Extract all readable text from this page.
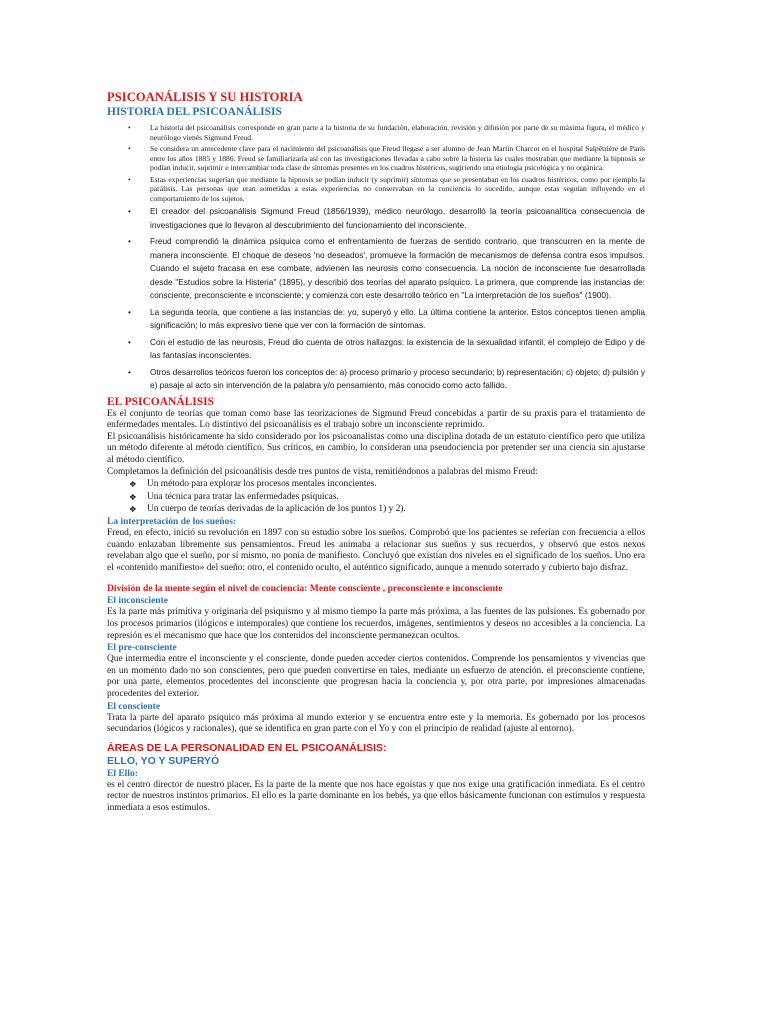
PSICOANÁLISIS Y SU HISTORIA
HISTORIA DEL PSICOANÁLISIS
• La historia del psicoanálisis corresponde en gran parte a la historia de su fundación, elaboración, revisión y difusión por parte de su máxima figura, el médico y neurólogo vienés Sigmund Freud.
• Se considera un antecedente clave para el nacimiento del psicoanálisis que Freud llegase a ser alumno de Jean Martin Charcot en el hospital Salpêtrière de París entre los años 1885 y 1886. Freud se familiarizaría así con las investigaciones llevadas a cabo sobre la histeria las cuales mostraban que mediante la hipnosis se podían inducir, suprimir e intercambiar toda clase de síntomas presentes en los cuadros histéricos, sugiriendo una etiología psicológica y no orgánica.
• Estas experiencias sugerían que mediante la hipnosis se podían inducir (y suprimir) síntomas que se presentaban en los cuadros histéricos, como por ejemplo la parálisis. Las personas que eran sometidas a estas experiencias no conservaban en la conciencia lo sucedido, aunque estas seguían influyendo en el comportamiento de los sujetos.
• El creador del psicoanálisis Sigmund Freud (1856/1939), médico neurólogo, desarrolló la teoría psicoanalítica consecuencia de investigaciones que lo llevaron al descubrimiento del funcionamiento del inconsciente.
• Freud comprendió la dinámica psíquica como el enfrentamiento de fuerzas de sentido contrario, que transcurren en la mente de manera inconsciente. El choque de deseos 'no deseados', promueve la formación de mecanismos de defensa contra esos impulsos. Cuando el sujeto fracasa en ese combate, advienen las neurosis como consecuencia. La noción de inconsciente fue desarrollada desde "Estudios sobre la Histeria" (1895), y describió dos teorías del aparato psíquico. La primera, que comprende las instancias de: consciente, preconsciente e inconsciente; y comienza con este desarrollo teórico en "La interpretación de los sueños" (1900).
• La segunda teoría, que contiene a las instancias de: yo, superyó y ello. La última contiene la anterior. Estos conceptos tienen amplia significación; lo más expresivo tiene que ver con la formación de síntomas.
• Con el estudio de las neurosis, Freud dio cuenta de otros hallazgos: la existencia de la sexualidad infantil, el complejo de Edipo y de las fantasías inconscientes.
• Otros desarrollos teóricos fueron los conceptos de: a) proceso primario y proceso secundario; b) representación; c) objeto; d) pulsión y e) pasaje al acto sin intervención de la palabra y/o pensamiento, más conocido como acto fallido.
EL PSICOANÁLISIS

Es el conjunto de teorías que toman como base las teorizaciones de Sigmund Freud concebidas a partir de su praxis para el tratamiento de enfermedades mentales. Lo distintivo del psicoanálisis es el trabajo sobre un inconsciente reprimido.

El psicoanálisis históricamente ha sido considerado por los psicoanalistas como una disciplina dotada de un estatuto científico pero que utiliza un método diferente al método científico. Sus críticos, en cambio, lo consideran una pseudociencia por pretender ser una ciencia sin ajustarse al método científico.

Completamos la definición del psicoanálisis desde tres puntos de vista, remitiéndonos a palabras del mismo Freud:

❖ Un método para explorar los procesos mentales inconcientes.
❖ Una técnica para tratar las enfermedades psíquicas.
❖ Un cuerpo de teorías derivadas de la aplicación de los puntos 1) y 2).
La interpretación de los sueños:

Freud, en efecto, inició su revolución en 1897 con su estudio sobre los sueños. Comprobó que los pacientes se referían con frecuencia a ellos cuando enlazaban libremente sus pensamientos. Freud les animaba a relacionar sus sueños y sus recuerdos, y observó que estos nexos revelaban algo que el sueño, por sí mismo, no ponía de manifiesto. Concluyó que existían dos niveles en el significado de los sueños. Uno era el «contenido manifiesto» del sueño: otro, el contenido oculto, el auténtico significado, aunque a menudo soterrado y cubierto bajo disfraz.

División de la mente según el nivel de conciencia: Mente consciente , preconsciente e inconsciente
El inconsciente

Es la parte más primitiva y originaria del psiquismo y al mismo tiempo la parte más próxima, a las fuentes de las pulsiones. Es gobernado por los procesos primarios (ilógicos e intemporales) que contiene los recuerdos, imágenes, sentimientos y deseos no accesibles a la conciencia. La represión es el mecanismo que hace que los contenidos del inconsciente permanezcan ocultos.

El pre-consciente

Que intermedia entre el inconsciente y el consciente, donde pueden acceder ciertos contenidos. Comprende los pensamientos y vivencias que en un momento dado no son conscientes, pero que pueden convertirse en tales, mediante un esfuerzo de atención. el preconsciente contiene, por una parte, elementos procedentes del inconsciente que progresan hacia la conciencia y, por otra parte, por impresiones almacenadas procedentes del exterior.

El consciente

Trata la parte del aparato psíquico más próxima al mundo exterior y se encuentra entre este y la memoria. Es gobernado por los procesos secundarios (lógicos y racionales), que se identifica en gran parte con el Yo y con el principio de realidad (ajuste al entorno).

ÁREAS DE LA PERSONALIDAD EN EL PSICOANÁLISIS:
ELLO, YO Y SUPERYÓ
El Ello:

es el centro director de nuestro placer. Es la parte de la mente que nos hace egoístas y que nos exige una gratificación inmediata. Es el centro rector de nuestros instintos primarios. El ello es la parte dominante en los bebés, ya que ellos básicamente funcionan con estímulos y respuesta inmediata a esos estímulos.
